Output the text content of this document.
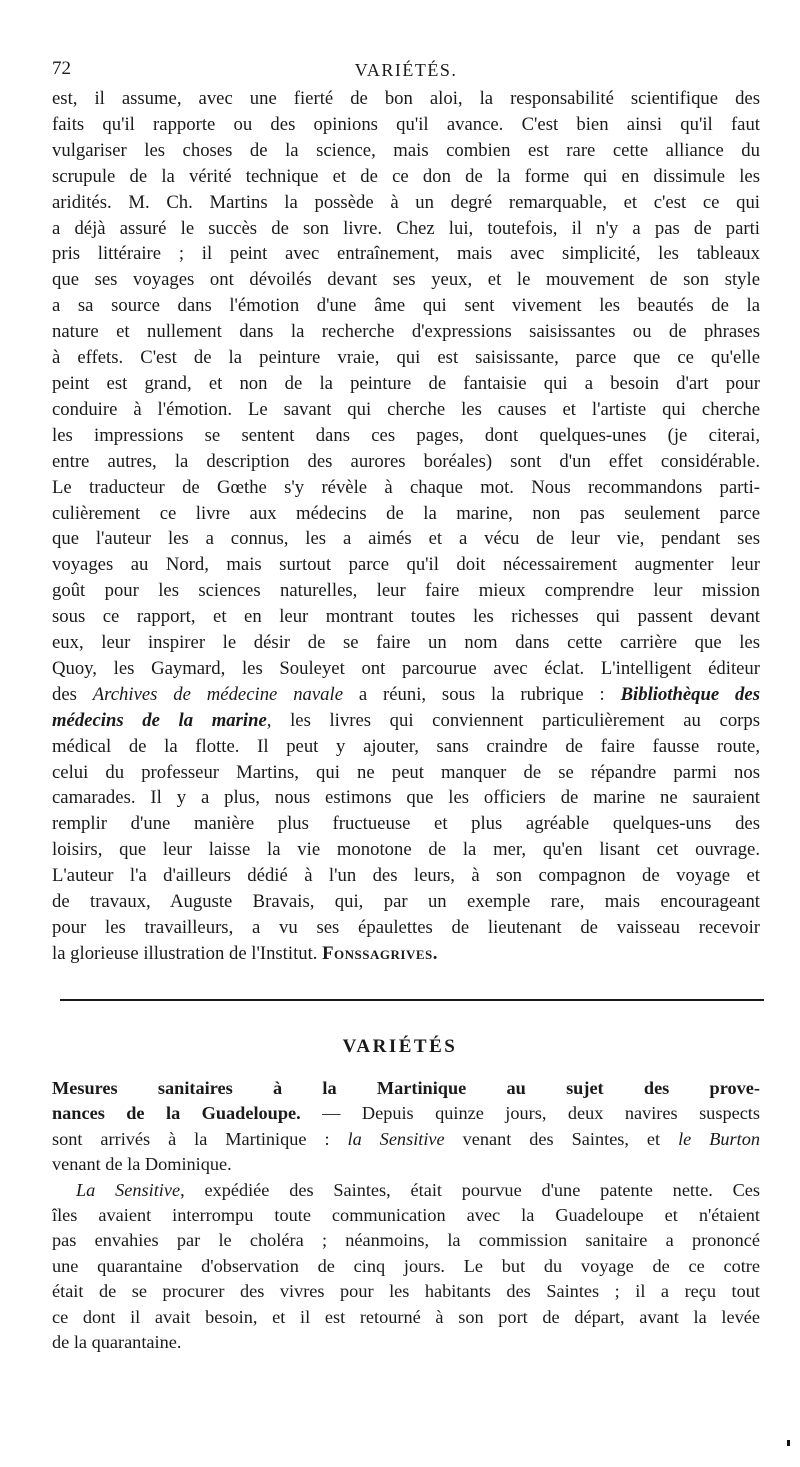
72	VARIÉTÉS.
est, il assume, avec une fierté de bon aloi, la responsabilité scientifique des
faits qu'il rapporte ou des opinions qu'il avance. C'est bien ainsi qu'il faut
vulgariser les choses de la science, mais combien est rare cette alliance du
scrupule de la vérité technique et de ce don de la forme qui en dissimule les
aridités. M. Ch. Martins la possède à un degré remarquable, et c'est ce qui
a déjà assuré le succès de son livre. Chez lui, toutefois, il n'y a pas de parti
pris littéraire ; il peint avec entraînement, mais avec simplicité, les tableaux
que ses voyages ont dévoilés devant ses yeux, et le mouvement de son style
a sa source dans l'émotion d'une âme qui sent vivement les beautés de la
nature et nullement dans la recherche d'expressions saisissantes ou de phrases
à effets. C'est de la peinture vraie, qui est saisissante, parce que ce qu'elle
peint est grand, et non de la peinture de fantaisie qui a besoin d'art pour
conduire à l'émotion. Le savant qui cherche les causes et l'artiste qui cherche
les impressions se sentent dans ces pages, dont quelques-unes (je citerai,
entre autres, la description des aurores boréales) sont d'un effet considérable.
Le traducteur de Gœthe s'y révèle à chaque mot. Nous recommandons parti-
culièrement ce livre aux médecins de la marine, non pas seulement parce
que l'auteur les a connus, les a aimés et a vécu de leur vie, pendant ses
voyages au Nord, mais surtout parce qu'il doit nécessairement augmenter leur
goût pour les sciences naturelles, leur faire mieux comprendre leur mission
sous ce rapport, et en leur montrant toutes les richesses qui passent devant
eux, leur inspirer le désir de se faire un nom dans cette carrière que les
Quoy, les Gaymard, les Souleyet ont parcourue avec éclat. L'intelligent éditeur
des Archives de médecine navale a réuni, sous la rubrique : Bibliothèque des
médecins de la marine, les livres qui conviennent particulièrement au corps
médical de la flotte. Il peut y ajouter, sans craindre de faire fausse route,
celui du professeur Martins, qui ne peut manquer de se répandre parmi nos
camarades. Il y a plus, nous estimons que les officiers de marine ne sauraient
remplir d'une manière plus fructueuse et plus agréable quelques-uns des
loisirs, que leur laisse la vie monotone de la mer, qu'en lisant cet ouvrage.
L'auteur l'a d'ailleurs dédié à l'un des leurs, à son compagnon de voyage et
de travaux, Auguste Bravais, qui, par un exemple rare, mais encourageant
pour les travailleurs, a vu ses épaulettes de lieutenant de vaisseau recevoir
la glorieuse illustration de l'Institut. Fonssagrives.
VARIÉTÉS
Mesures sanitaires à la Martinique au sujet des prove-
nances de la Guadeloupe. — Depuis quinze jours, deux navires suspects
sont arrivés à la Martinique : la Sensitive venant des Saintes, et le Burton
venant de la Dominique.
La Sensitive, expédiée des Saintes, était pourvue d'une patente nette. Ces
îles avaient interrompu toute communication avec la Guadeloupe et n'étaient
pas envahies par le choléra ; néanmoins, la commission sanitaire a prononcé
une quarantaine d'observation de cinq jours. Le but du voyage de ce cotre
était de se procurer des vivres pour les habitants des Saintes ; il a reçu tout
ce dont il avait besoin, et il est retourné à son port de départ, avant la levée
de la quarantaine.
